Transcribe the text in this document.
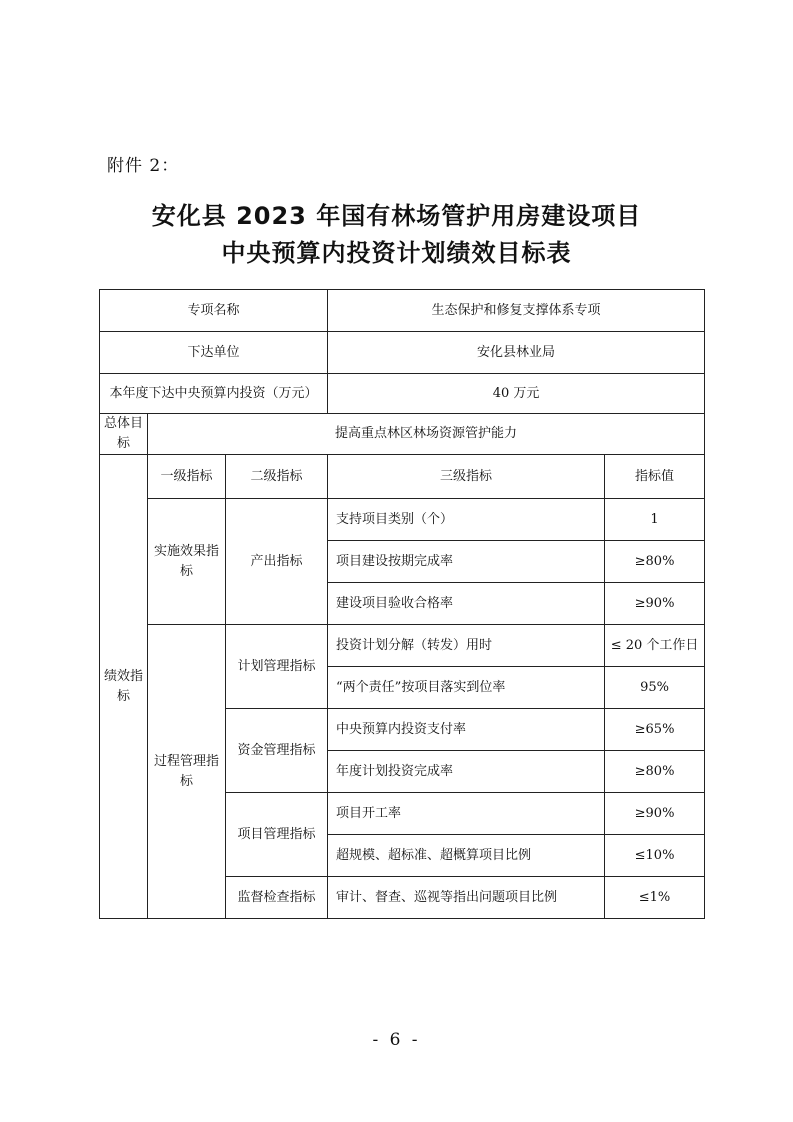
附件 2：
安化县 2023 年国有林场管护用房建设项目
中央预算内投资计划绩效目标表
专项名称			生态保护和修复支撑体系专项	
下达单位			安化县林业局	
本年度下达中央预算内投资（万元）			40 万元	
总体目标	提高重点林区林场资源管护能力			
绩效指标	一级指标	二级指标	三级指标	指标值
	实施效果指标	产出指标	支持项目类别（个）	1
			项目建设按期完成率	≥80%
			建设项目验收合格率	≥90%
	过程管理指标	计划管理指标	投资计划分解（转发）用时	≤ 20 个工作日
			“两个责任”按项目落实到位率	95%
		资金管理指标	中央预算内投资支付率	≥65%
			年度计划投资完成率	≥80%
		项目管理指标	项目开工率	≥90%
			超规模、超标准、超概算项目比例	≤10%
		监督检查指标	审计、督查、巡视等指出问题项目比例	≤1%
- 6 -
